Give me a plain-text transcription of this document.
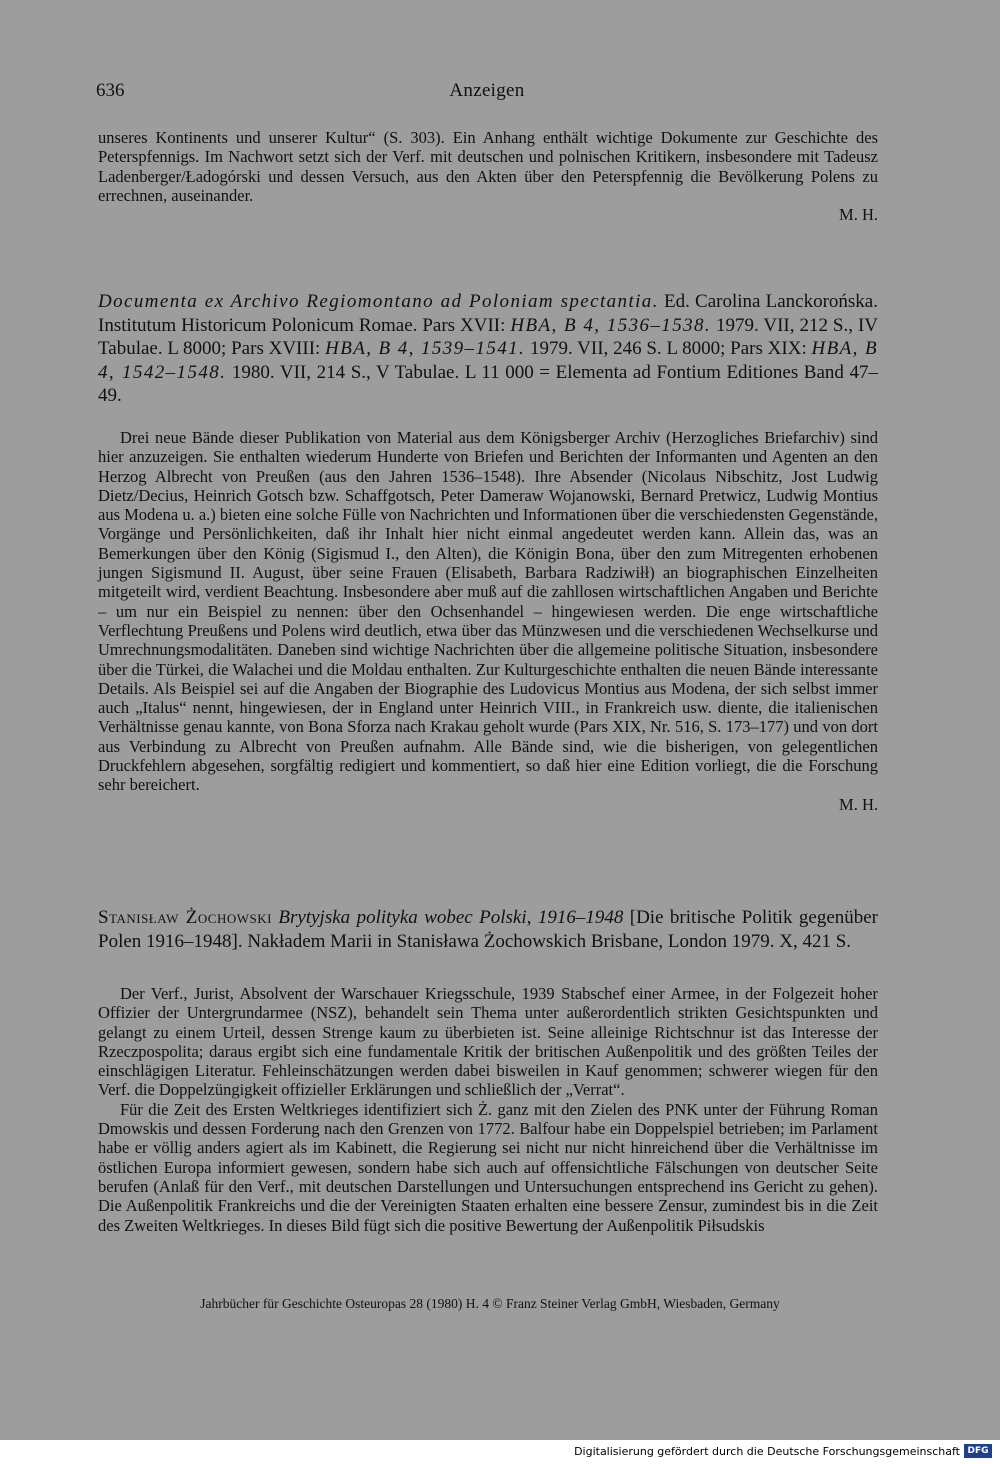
636	Anzeigen

unseres Kontinents und unserer Kultur“ (S. 303). Ein Anhang enthält wichtige Dokumente zur Geschichte des Peterspfennigs. Im Nachwort setzt sich der Verf. mit deutschen und polnischen Kritikern, insbesondere mit Tadeusz Ladenberger/Ładogórski und dessen Versuch, aus den Akten über den Peterspfennig die Bevölkerung Polens zu errechnen, auseinander.

M. H.

Documenta ex Archivo Regiomontano ad Poloniam spectantia. Ed. Carolina Lanckorońska. Institutum Historicum Polonicum Romae. Pars XVII: HBA, B 4, 1536–1538. 1979. VII, 212 S., IV Tabulae. L 8000; Pars XVIII: HBA, B 4, 1539–1541. 1979. VII, 246 S. L 8000; Pars XIX: HBA, B 4, 1542–1548. 1980. VII, 214 S., V Tabulae. L 11 000 = Elementa ad Fontium Editiones Band 47–49.

Drei neue Bände dieser Publikation von Material aus dem Königsberger Archiv (Herzogliches Briefarchiv) sind hier anzuzeigen. Sie enthalten wiederum Hunderte von Briefen und Berichten der Informanten und Agenten an den Herzog Albrecht von Preußen (aus den Jahren 1536–1548). Ihre Absender (Nicolaus Nibschitz, Jost Ludwig Dietz/Decius, Heinrich Gotsch bzw. Schaffgotsch, Peter Dameraw Wojanowski, Bernard Pretwicz, Ludwig Montius aus Modena u. a.) bieten eine solche Fülle von Nachrichten und Informationen über die verschiedensten Gegenstände, Vorgänge und Persönlichkeiten, daß ihr Inhalt hier nicht einmal angedeutet werden kann. Allein das, was an Bemerkungen über den König (Sigismud I., den Alten), die Königin Bona, über den zum Mitregenten erhobenen jungen Sigismund II. August, über seine Frauen (Elisabeth, Barbara Radziwiłł) an biographischen Einzelheiten mitgeteilt wird, verdient Beachtung. Insbesondere aber muß auf die zahllosen wirtschaftlichen Angaben und Berichte – um nur ein Beispiel zu nennen: über den Ochsenhandel – hingewiesen werden. Die enge wirtschaftliche Verflechtung Preußens und Polens wird deutlich, etwa über das Münzwesen und die verschiedenen Wechselkurse und Umrechnungsmodalitäten. Daneben sind wichtige Nachrichten über die allgemeine politische Situation, insbesondere über die Türkei, die Walachei und die Moldau enthalten. Zur Kulturgeschichte enthalten die neuen Bände interessante Details. Als Beispiel sei auf die Angaben der Biographie des Ludovicus Montius aus Modena, der sich selbst immer auch „Italus“ nennt, hingewiesen, der in England unter Heinrich VIII., in Frankreich usw. diente, die italienischen Verhältnisse genau kannte, von Bona Sforza nach Krakau geholt wurde (Pars XIX, Nr. 516, S. 173–177) und von dort aus Verbindung zu Albrecht von Preußen aufnahm. Alle Bände sind, wie die bisherigen, von gelegentlichen Druckfehlern abgesehen, sorgfältig redigiert und kommentiert, so daß hier eine Edition vorliegt, die die Forschung sehr bereichert.

M. H.

Stanisław Żochowski Brytyjska polityka wobec Polski, 1916–1948 [Die britische Politik gegenüber Polen 1916–1948]. Nakładem Marii in Stanisława Żochowskich Brisbane, London 1979. X, 421 S.

Der Verf., Jurist, Absolvent der Warschauer Kriegsschule, 1939 Stabschef einer Armee, in der Folgezeit hoher Offizier der Untergrundarmee (NSZ), behandelt sein Thema unter außerordentlich strikten Gesichtspunkten und gelangt zu einem Urteil, dessen Strenge kaum zu überbieten ist. Seine alleinige Richtschnur ist das Interesse der Rzeczpospolita; daraus ergibt sich eine fundamentale Kritik der britischen Außenpolitik und des größten Teiles der einschlägigen Literatur. Fehleinschätzungen werden dabei bisweilen in Kauf genommen; schwerer wiegen für den Verf. die Doppelzüngigkeit offizieller Erklärungen und schließlich der „Verrat“.

Für die Zeit des Ersten Weltkrieges identifiziert sich Ż. ganz mit den Zielen des PNK unter der Führung Roman Dmowskis und dessen Forderung nach den Grenzen von 1772. Balfour habe ein Doppelspiel betrieben; im Parlament habe er völlig anders agiert als im Kabinett, die Regierung sei nicht nur nicht hinreichend über die Verhältnisse im östlichen Europa informiert gewesen, sondern habe sich auch auf offensichtliche Fälschungen von deutscher Seite berufen (Anlaß für den Verf., mit deutschen Darstellungen und Untersuchungen entsprechend ins Gericht zu gehen). Die Außenpolitik Frankreichs und die der Vereinigten Staaten erhalten eine bessere Zensur, zumindest bis in die Zeit des Zweiten Weltkrieges. In dieses Bild fügt sich die positive Bewertung der Außenpolitik Piłsudskis

Jahrbücher für Geschichte Osteuropas 28 (1980) H. 4 © Franz Steiner Verlag GmbH, Wiesbaden, Germany
Digitalisierung gefördert durch die Deutsche Forschungsgemeinschaft DFG
